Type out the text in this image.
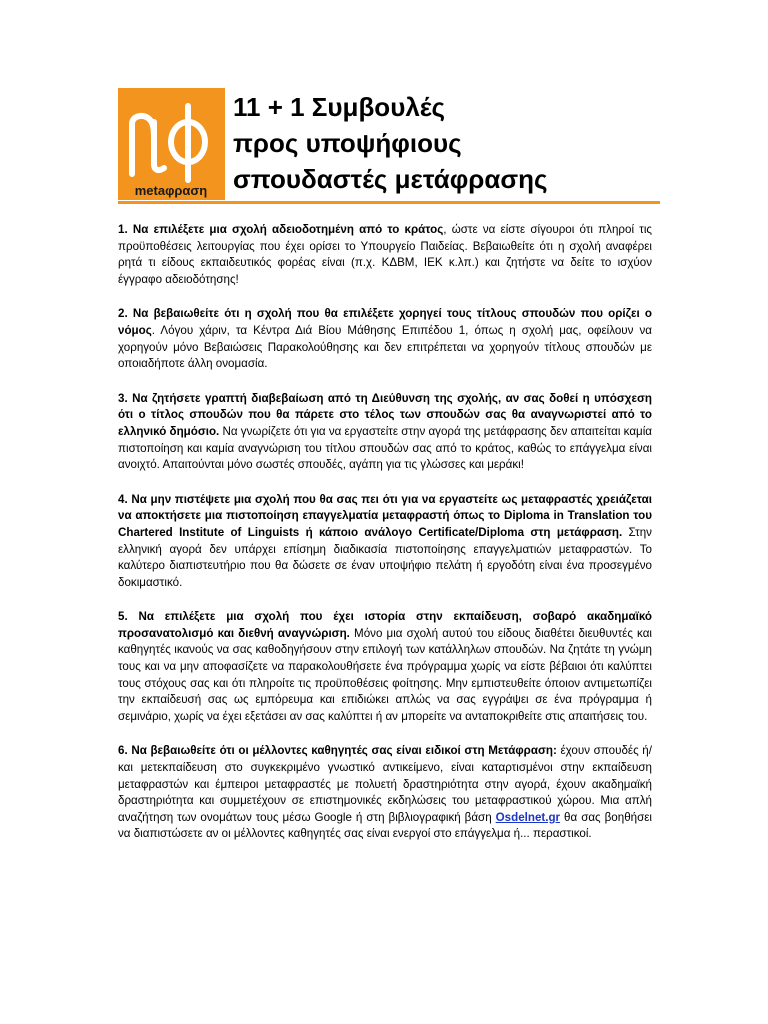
metaφραση
11 + 1 Συμβουλές
προς υποψήφιους
σπουδαστές μετάφρασης

1. Να επιλέξετε μια σχολή αδειοδοτημένη από το κράτος, ώστε να είστε σίγουροι ότι πληροί τις προϋποθέσεις λειτουργίας που έχει ορίσει το Υπουργείο Παιδείας. Βεβαιωθείτε ότι η σχολή αναφέρει ρητά τι είδους εκπαιδευτικός φορέας είναι (π.χ. ΚΔΒΜ, ΙΕΚ κ.λπ.) και ζητήστε να δείτε το ισχύον έγγραφο αδειοδότησης!

2. Να βεβαιωθείτε ότι η σχολή που θα επιλέξετε χορηγεί τους τίτλους σπουδών που ορίζει ο νόμος. Λόγου χάριν, τα Κέντρα Διά Βίου Μάθησης Επιπέδου 1, όπως η σχολή μας, οφείλουν να χορηγούν μόνο Βεβαιώσεις Παρακολούθησης και δεν επιτρέπεται να χορηγούν τίτλους σπουδών με οποιαδήποτε άλλη ονομασία.

3. Να ζητήσετε γραπτή διαβεβαίωση από τη Διεύθυνση της σχολής, αν σας δοθεί η υπόσχεση ότι ο τίτλος σπουδών που θα πάρετε στο τέλος των σπουδών σας θα αναγνωριστεί από το ελληνικό δημόσιο. Να γνωρίζετε ότι για να εργαστείτε στην αγορά της μετάφρασης δεν απαιτείται καμία πιστοποίηση και καμία αναγνώριση του τίτλου σπουδών σας από το κράτος, καθώς το επάγγελμα είναι ανοιχτό. Απαιτούνται μόνο σωστές σπουδές, αγάπη για τις γλώσσες και μεράκι!

4. Να μην πιστέψετε μια σχολή που θα σας πει ότι για να εργαστείτε ως μεταφραστές χρειάζεται να αποκτήσετε μια πιστοποίηση επαγγελματία μεταφραστή όπως το Diploma in Translation του Chartered Institute of Linguists ή κάποιο ανάλογο Certificate/Diploma στη μετάφραση. Στην ελληνική αγορά δεν υπάρχει επίσημη διαδικασία πιστοποίησης επαγγελματιών μεταφραστών. Το καλύτερο διαπιστευτήριο που θα δώσετε σε έναν υποψήφιο πελάτη ή εργοδότη είναι ένα προσεγμένο δοκιμαστικό.

5. Να επιλέξετε μια σχολή που έχει ιστορία στην εκπαίδευση, σοβαρό ακαδημαϊκό προσανατολισμό και διεθνή αναγνώριση. Μόνο μια σχολή αυτού του είδους διαθέτει διευθυντές και καθηγητές ικανούς να σας καθοδηγήσουν στην επιλογή των κατάλληλων σπουδών. Να ζητάτε τη γνώμη τους και να μην αποφασίζετε να παρακολουθήσετε ένα πρόγραμμα χωρίς να είστε βέβαιοι ότι καλύπτει τους στόχους σας και ότι πληροίτε τις προϋποθέσεις φοίτησης. Μην εμπιστευθείτε όποιον αντιμετωπίζει την εκπαίδευσή σας ως εμπόρευμα και επιδιώκει απλώς να σας εγγράψει σε ένα πρόγραμμα ή σεμινάριο, χωρίς να έχει εξετάσει αν σας καλύπτει ή αν μπορείτε να ανταποκριθείτε στις απαιτήσεις του.

6. Να βεβαιωθείτε ότι οι μέλλοντες καθηγητές σας είναι ειδικοί στη Μετάφραση: έχουν σπουδές ή/και μετεκπαίδευση στο συγκεκριμένο γνωστικό αντικείμενο, είναι καταρτισμένοι στην εκπαίδευση μεταφραστών και έμπειροι μεταφραστές με πολυετή δραστηριότητα στην αγορά, έχουν ακαδημαϊκή δραστηριότητα και συμμετέχουν σε επιστημονικές εκδηλώσεις του μεταφραστικού χώρου. Μια απλή αναζήτηση των ονομάτων τους μέσω Google ή στη βιβλιογραφική βάση Osdelnet.gr θα σας βοηθήσει να διαπιστώσετε αν οι μέλλοντες καθηγητές σας είναι ενεργοί στο επάγγελμα ή... περαστικοί.
